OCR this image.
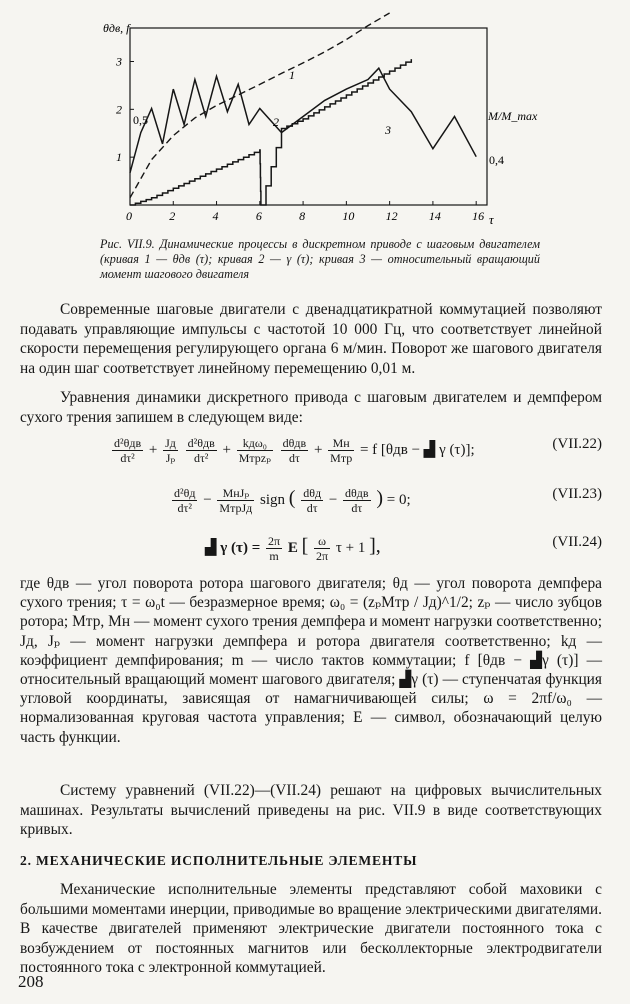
0	2	4	6	8	10	12	14	16
1
2
3
θдв, f
M/M_max
0,5
0,4
τ
1
2
3
Рис. VII.9. Динамические процессы в дискретном приводе с шаговым двигателем (кривая 1 — θдв (τ); кривая 2 — γ (τ); кривая 3 — относительный вращающий момент шагового двигателя

Современные шаговые двигатели с двенадцатикратной коммутацией позволяют подавать управляющие импульсы с частотой 10 000 Гц, что соответствует линейной скорости перемещения регулирующего органа 6 м/мин. Поворот же шагового двигателя на один шаг соответствует линейному перемещению 0,01 м.

Уравнения динамики дискретного привода с шаговым двигателем и демпфером сухого трения запишем в следующем виде:

$\frac{\text{d²θдв}}{\text{dτ²}} + \frac{Jд}{\text{Jₚ}}$
$\frac{\text{d²θдв}}{\text{dτ²}} + \frac{\text{kдω₀}}{\text{Mтрzₚ}}$
$\frac{\text{dθдв}}{d\tau} + \frac{Mн}{\text{Mтр}} = f$ [θдв − ▟ γ (τ)];	(VII.22)
$\frac{\text{d²θд}}{\text{dτ²}} - \frac{\text{MнJₚ}}{\text{MтрJд}}$ sign ( $\frac{\text{dθд}}{d\tau} - \frac{\text{dθдв}}{d\tau}$ ) = 0;	(VII.23)
▟ γ $(\tau) = \frac{2\pi}{m}$ E [ $\frac{\omega}{2\pi}$ τ + 1 ],	(VII.24)

где θдв — угол поворота ротора шагового двигателя; θд — угол поворота демпфера сухого трения; τ = ω₀t — безразмерное время; ω₀ = (zₚMтр / Jд)^1/2; zₚ — число зубцов ротора; Mтр, Mн — момент сухого трения демпфера и момент нагрузки соответственно; Jд, Jₚ — момент нагрузки демпфера и ротора двигателя соответственно; kд — коэффициент демпфирования; m — число тактов коммутации; f [θдв − ▟γ (τ)] — относительный вращающий момент шагового двигателя; ▟γ (τ) — ступенчатая функция угловой координаты, зависящая от намагничивающей силы; ω = 2πf/ω₀ — нормализованная круговая частота управления; E — символ, обозначающий целую часть функции.

Систему уравнений (VII.22)—(VII.24) решают на цифровых вычислительных машинах. Результаты вычислений приведены на рис. VII.9 в виде соответствующих кривых.

2. МЕХАНИЧЕСКИЕ ИСПОЛНИТЕЛЬНЫЕ ЭЛЕМЕНТЫ

Механические исполнительные элементы представляют собой маховики с большими моментами инерции, приводимые во вращение электрическими двигателями. В качестве двигателей применяют электрические двигатели постоянного тока с возбуждением от постоянных магнитов или бесколлекторные электродвигатели постоянного тока с электронной коммутацией.

208
